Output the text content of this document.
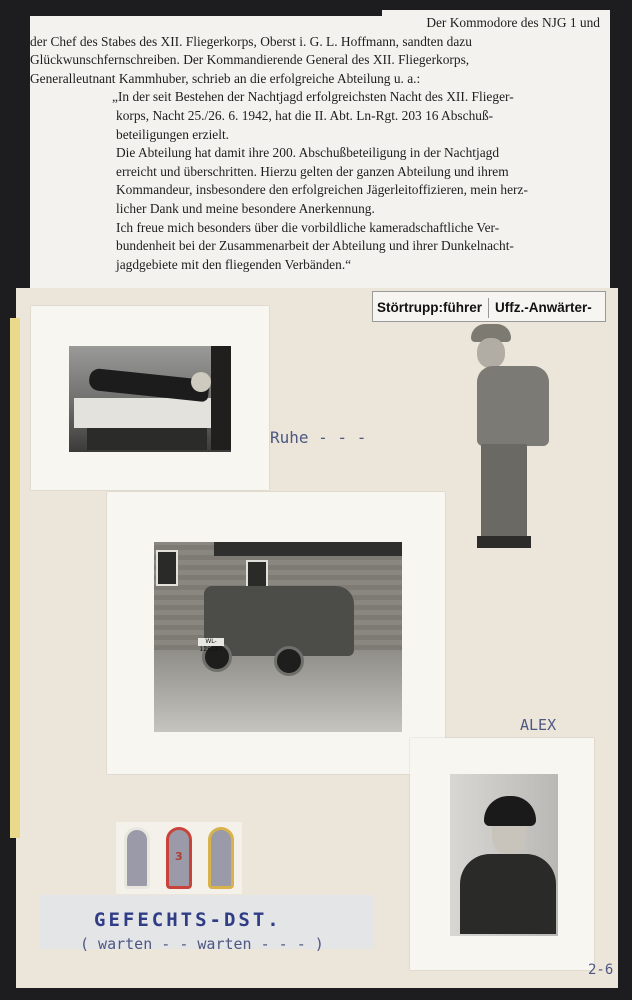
Der Kommodore des NJG 1 und
der Chef des Stabes des XII. Fliegerkorps, Oberst i. G. L. Hoffmann, sandten dazu
Glückwunschfernschreiben. Der Kommandierende General des XII. Fliegerkorps,
Generalleutnant Kammhuber, schrieb an die erfolgreiche Abteilung u. a.:
„In der seit Bestehen der Nachtjagd erfolgreichsten Nacht des XII. Flieger-
korps, Nacht 25./26. 6. 1942, hat die II. Abt. Ln-Rgt. 203 16 Abschuß-
beteiligungen erzielt.
Die Abteilung hat damit ihre 200. Abschußbeteiligung in der Nachtjagd
erreicht und überschritten. Hierzu gelten der ganzen Abteilung und ihrem
Kommandeur, insbesondere den erfolgreichen Jägerleitoffizieren, mein herz-
licher Dank und meine besondere Anerkennung.
Ich freue mich besonders über die vorbildliche kameradschaftliche Ver-
bundenheit bei der Zusammenarbeit der Abteilung und ihrer Dunkelnacht-
jagdgebiete mit den fliegenden Verbänden.“
Störtrupp:führer Uffz.-Anwärter-
Ruhe - - -
WL-125187
ALEX
3
GEFECHTS-DST.
( warten - - warten - - - )
2-6
